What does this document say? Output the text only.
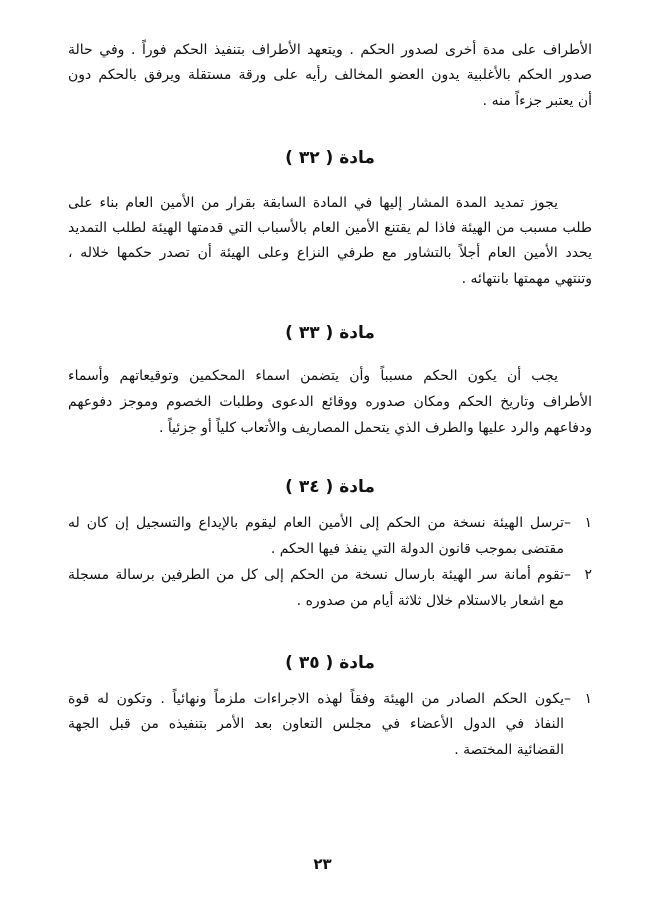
الأطراف على مدة أخرى لصدور الحكم . ويتعهد الأطراف بتنفيذ الحكم فوراً . وفي حالة
صدور الحكم بالأغلبية يدون العضو المخالف رأيه على ورقة مستقلة ويرفق بالحكم دون
أن يعتبر جزءاً منه .
مادة ( ٣٢ )
يجوز تمديد المدة المشار إليها في المادة السابقة بقرار من الأمين العام بناء على
طلب مسبب من الهيئة فاذا لم يقتنع الأمين العام بالأسباب التي قدمتها الهيئة لطلب التمديد
يحدد الأمين العام أجلاً بالتشاور مع طرفي النزاع وعلى الهيئة أن تصدر حكمها خلاله ،
وتنتهي مهمتها بانتهائه .
مادة ( ٣٣ )
يجب أن يكون الحكم مسبباً وأن يتضمن اسماء المحكمين وتوقيعاتهم وأسماء
الأطراف وتاريخ الحكم ومكان صدوره ووقائع الدعوى وطلبات الخصوم وموجز دفوعهم
ودفاعهم والرد عليها والطرف الذي يتحمل المصاريف والأتعاب كلياً أو جزئياً .
مادة ( ٣٤ )
١ –
ترسل الهيئة نسخة من الحكم إلى الأمين العام ليقوم بالإيداع والتسجيل إن كان له
مقتضى بموجب قانون الدولة التي ينفذ فيها الحكم .
٢ –
تقوم أمانة سر الهيئة بارسال نسخة من الحكم إلى كل من الطرفين برسالة مسجلة
مع اشعار بالاستلام خلال ثلاثة أيام من صدوره .
مادة ( ٣٥ )
١ –
يكون الحكم الصادر من الهيئة وفقاً لهذه الاجراءات ملزماً ونهائياً . وتكون له قوة
النفاذ في الدول الأعضاء في مجلس التعاون بعد الأمر بتنفيذه من قبل الجهة
القضائية المختصة .
٢٣
